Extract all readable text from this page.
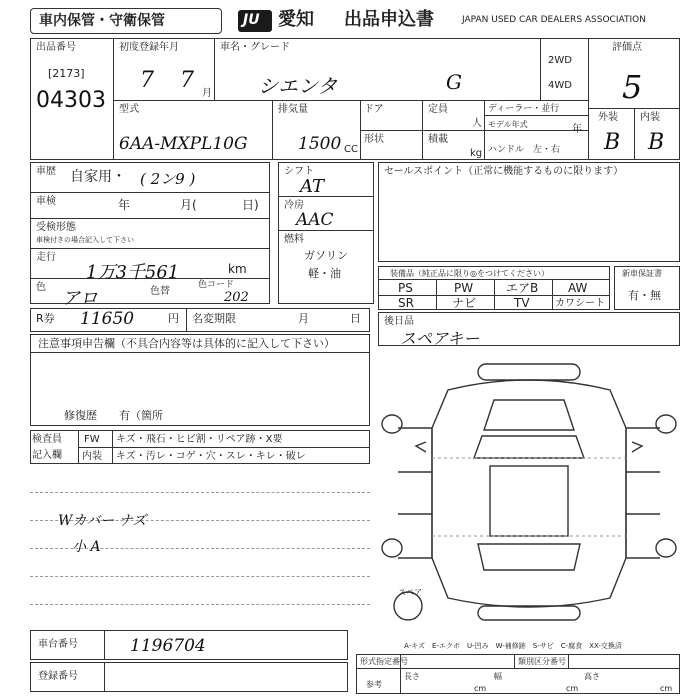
車内保管・守衛保管	JU 愛知 出品申込書	JAPAN USED CAR DEALERS ASSOCIATION
出品番号
[2173]
04303
初度登録年月
7 7
月
車名・グレード
シエンタ	G
2WD
4WD
評価点
5
外装 内装
B B
型式
6AA-MXPL10G
排気量
1500 CC
ドア	定員
人
形状	積載
kg
ディーラー・並行
モデル年式	年
ハンドル　左・右
車歴 自家用・ ( 2ン9 )
車検	年	月(	日)
受検形態
車検付きの場合記入して下さい
走行
1万3千561	km
色
アロ	色替
色コード
202
シフト
AT
冷房
AAC
燃料
ガソリン
軽・油
セールスポイント（正常に機能するものに限ります）
装備品（純正品に限り◎をつけてください）
PS	PW	エアB AW
SR	ナビ	TV	カワシート
新車保証書
有・無
R券 11650	円 名変期限	月	日
注意事項申告欄（不具合内容等は具体的に記入して下さい）
修復歴　　有（箇所
検査員
記入欄
FW キズ・飛石・ヒビ割・リペア跡・X要
内装 キズ・汚レ・コゲ・穴・スレ・キレ・破レ
Wカバー ナズ
小 A
後日品
スペアキー
スペア
A-キズ　E-エクボ　U-凹み　W-補修跡　S-サビ　C-腐食　XX-交換済
車台番号	1196704
登録番号
形式指定番号	類別区分番号
参考
長さ
cm
幅
cm
高さ
cm
